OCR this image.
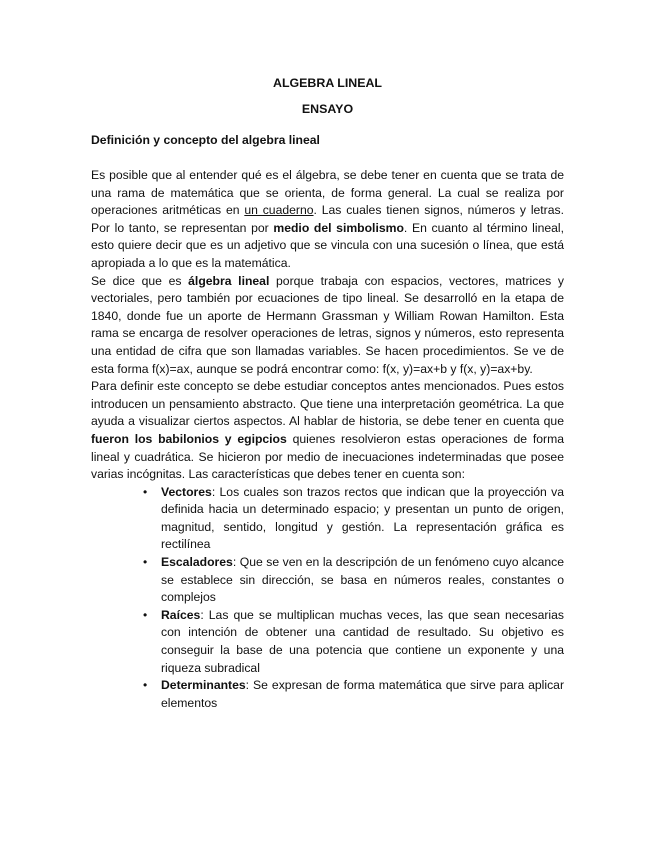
ALGEBRA LINEAL

ENSAYO

Definición y concepto del algebra lineal

Es posible que al entender qué es el álgebra, se debe tener en cuenta que se trata de una rama de matemática que se orienta, de forma general. La cual se realiza por operaciones aritméticas en un cuaderno. Las cuales tienen signos, números y letras. Por lo tanto, se representan por medio del simbolismo. En cuanto al término lineal, esto quiere decir que es un adjetivo que se vincula con una sucesión o línea, que está apropiada a lo que es la matemática.

Se dice que es álgebra lineal porque trabaja con espacios, vectores, matrices y vectoriales, pero también por ecuaciones de tipo lineal. Se desarrolló en la etapa de 1840, donde fue un aporte de Hermann Grassman y William Rowan Hamilton. Esta rama se encarga de resolver operaciones de letras, signos y números, esto representa una entidad de cifra que son llamadas variables. Se hacen procedimientos. Se ve de esta forma f(x)=ax, aunque se podrá encontrar como: f(x, y)=ax+b y f(x, y)=ax+by.

Para definir este concepto se debe estudiar conceptos antes mencionados. Pues estos introducen un pensamiento abstracto. Que tiene una interpretación geométrica. La que ayuda a visualizar ciertos aspectos. Al hablar de historia, se debe tener en cuenta que fueron los babilonios y egipcios quienes resolvieron estas operaciones de forma lineal y cuadrática. Se hicieron por medio de inecuaciones indeterminadas que posee varias incógnitas. Las características que debes tener en cuenta son:

• Vectores: Los cuales son trazos rectos que indican que la proyección va definida hacia un determinado espacio; y presentan un punto de origen, magnitud, sentido, longitud y gestión. La representación gráfica es rectilínea
• Escaladores: Que se ven en la descripción de un fenómeno cuyo alcance se establece sin dirección, se basa en números reales, constantes o complejos
• Raíces: Las que se multiplican muchas veces, las que sean necesarias con intención de obtener una cantidad de resultado. Su objetivo es conseguir la base de una potencia que contiene un exponente y una riqueza subradical
• Determinantes: Se expresan de forma matemática que sirve para aplicar elementos
